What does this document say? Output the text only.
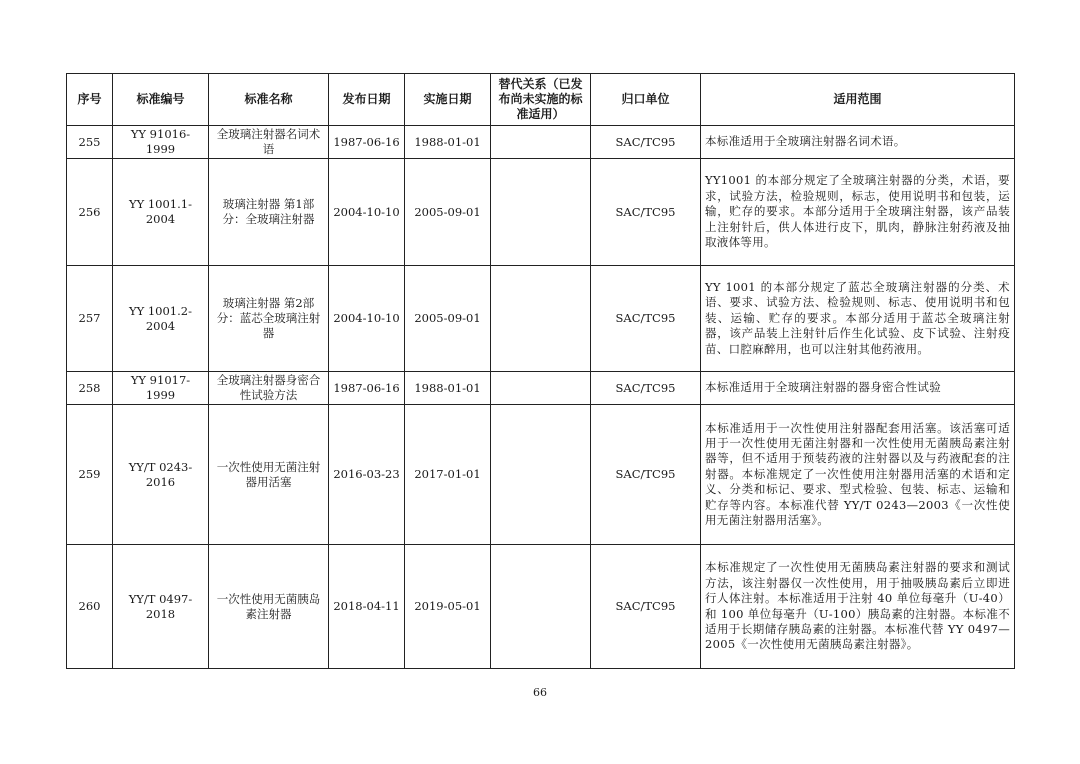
序号	标准编号	标准名称	发布日期	实施日期	替代关系（已发布尚未实施的标准适用）	归口单位	适用范围
255	YY 91016-1999	全玻璃注射器名词术语	1987-06-16	1988-01-01		SAC/TC95	本标准适用于全玻璃注射器名词术语。
256	YY 1001.1-2004	玻璃注射器 第1部分：全玻璃注射器	2004-10-10	2005-09-01		SAC/TC95	YY1001 的本部分规定了全玻璃注射器的分类，术语，要求，试验方法，检验规则，标志，使用说明书和包装，运输，贮存的要求。本部分适用于全玻璃注射器，该产品装上注射针后，供人体进行皮下，肌肉，静脉注射药液及抽取液体等用。
257	YY 1001.2-2004	玻璃注射器 第2部分：蓝芯全玻璃注射器	2004-10-10	2005-09-01		SAC/TC95	YY 1001 的本部分规定了蓝芯全玻璃注射器的分类、术语、要求、试验方法、检验规则、标志、使用说明书和包装、运输、贮存的要求。本部分适用于蓝芯全玻璃注射器，该产品装上注射针后作生化试验、皮下试验、注射疫苗、口腔麻醉用，也可以注射其他药液用。
258	YY 91017-1999	全玻璃注射器身密合性试验方法	1987-06-16	1988-01-01		SAC/TC95	本标准适用于全玻璃注射器的器身密合性试验
259	YY/T 0243-2016	一次性使用无菌注射器用活塞	2016-03-23	2017-01-01		SAC/TC95	本标准适用于一次性使用注射器配套用活塞。该活塞可适用于一次性使用无菌注射器和一次性使用无菌胰岛素注射器等，但不适用于预装药液的注射器以及与药液配套的注射器。本标准规定了一次性使用注射器用活塞的术语和定义、分类和标记、要求、型式检验、包装、标志、运输和贮存等内容。本标准代替 YY/T 0243—2003《一次性使用无菌注射器用活塞》。
260	YY/T 0497-2018	一次性使用无菌胰岛素注射器	2018-04-11	2019-05-01		SAC/TC95	本标准规定了一次性使用无菌胰岛素注射器的要求和测试方法，该注射器仅一次性使用，用于抽吸胰岛素后立即进行人体注射。本标准适用于注射 40 单位每毫升（U-40）和 100 单位每毫升（U-100）胰岛素的注射器。本标准不适用于长期储存胰岛素的注射器。本标准代替 YY 0497—2005《一次性使用无菌胰岛素注射器》。
66
